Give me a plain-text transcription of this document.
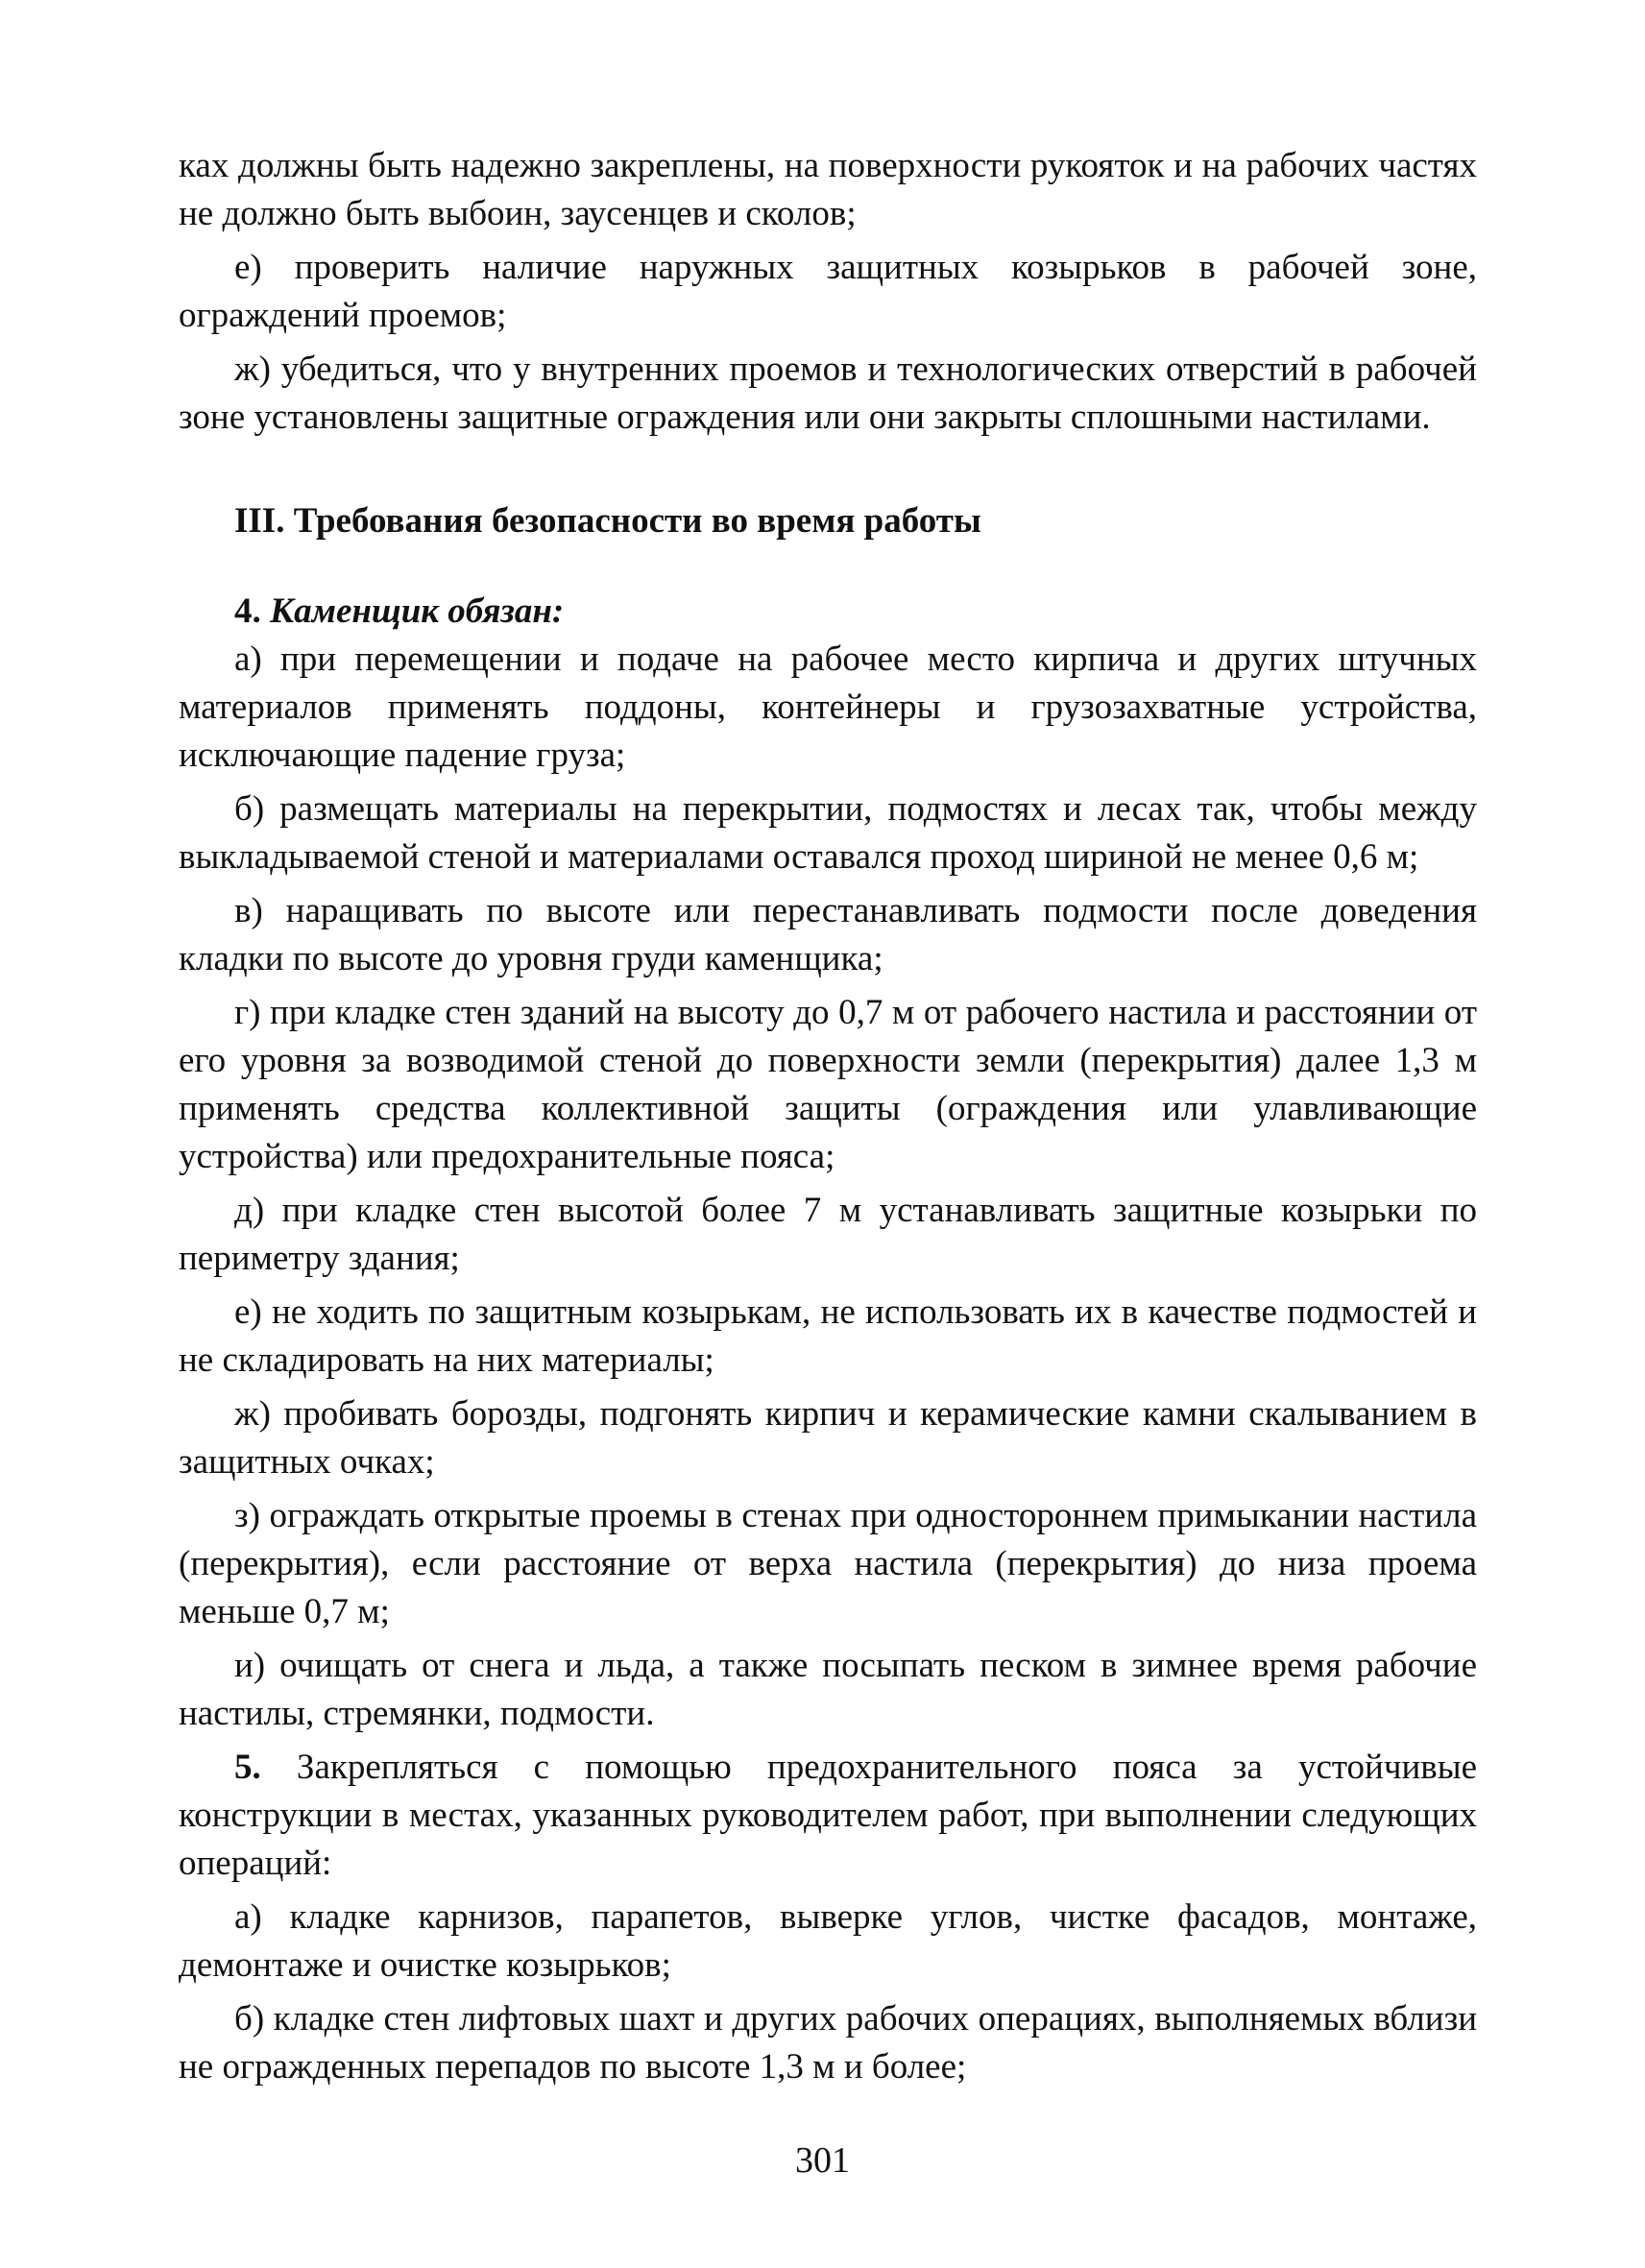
ках должны быть надежно закреплены, на поверхности рукояток и на рабочих частях не должно быть выбоин, заусенцев и сколов;

е) проверить наличие наружных защитных козырьков в рабочей зоне, ограждений проемов;

ж) убедиться, что у внутренних проемов и технологических отверстий в рабочей зоне установлены защитные ограждения или они закрыты сплошными настилами.

III. Требования безопасности во время работы

4. Каменщик обязан:

а) при перемещении и подаче на рабочее место кирпича и других штучных материалов применять поддоны, контейнеры и грузозахватные устройства, исключающие падение груза;

б) размещать материалы на перекрытии, подмостях и лесах так, чтобы между выкладываемой стеной и материалами оставался проход шириной не менее 0,6 м;

в) наращивать по высоте или перестанавливать подмости после доведения кладки по высоте до уровня груди каменщика;

г) при кладке стен зданий на высоту до 0,7 м от рабочего настила и расстоянии от его уровня за возводимой стеной до поверхности земли (перекрытия) далее 1,3 м применять средства коллективной защиты (ограждения или улавливающие устройства) или предохранительные пояса;

д) при кладке стен высотой более 7 м устанавливать защитные козырьки по периметру здания;

е) не ходить по защитным козырькам, не использовать их в качестве подмостей и не складировать на них материалы;

ж) пробивать борозды, подгонять кирпич и керамические камни скалыванием в защитных очках;

з) ограждать открытые проемы в стенах при одностороннем примыкании настила (перекрытия), если расстояние от верха настила (перекрытия) до низа проема меньше 0,7 м;

и) очищать от снега и льда, а также посыпать песком в зимнее время рабочие настилы, стремянки, подмости.

5. Закрепляться с помощью предохранительного пояса за устойчивые конструкции в местах, указанных руководителем работ, при выполнении следующих операций:

а) кладке карнизов, парапетов, выверке углов, чистке фасадов, монтаже, демонтаже и очистке козырьков;

б) кладке стен лифтовых шахт и других рабочих операциях, выполняемых вблизи не огражденных перепадов по высоте 1,3 м и более;

301
